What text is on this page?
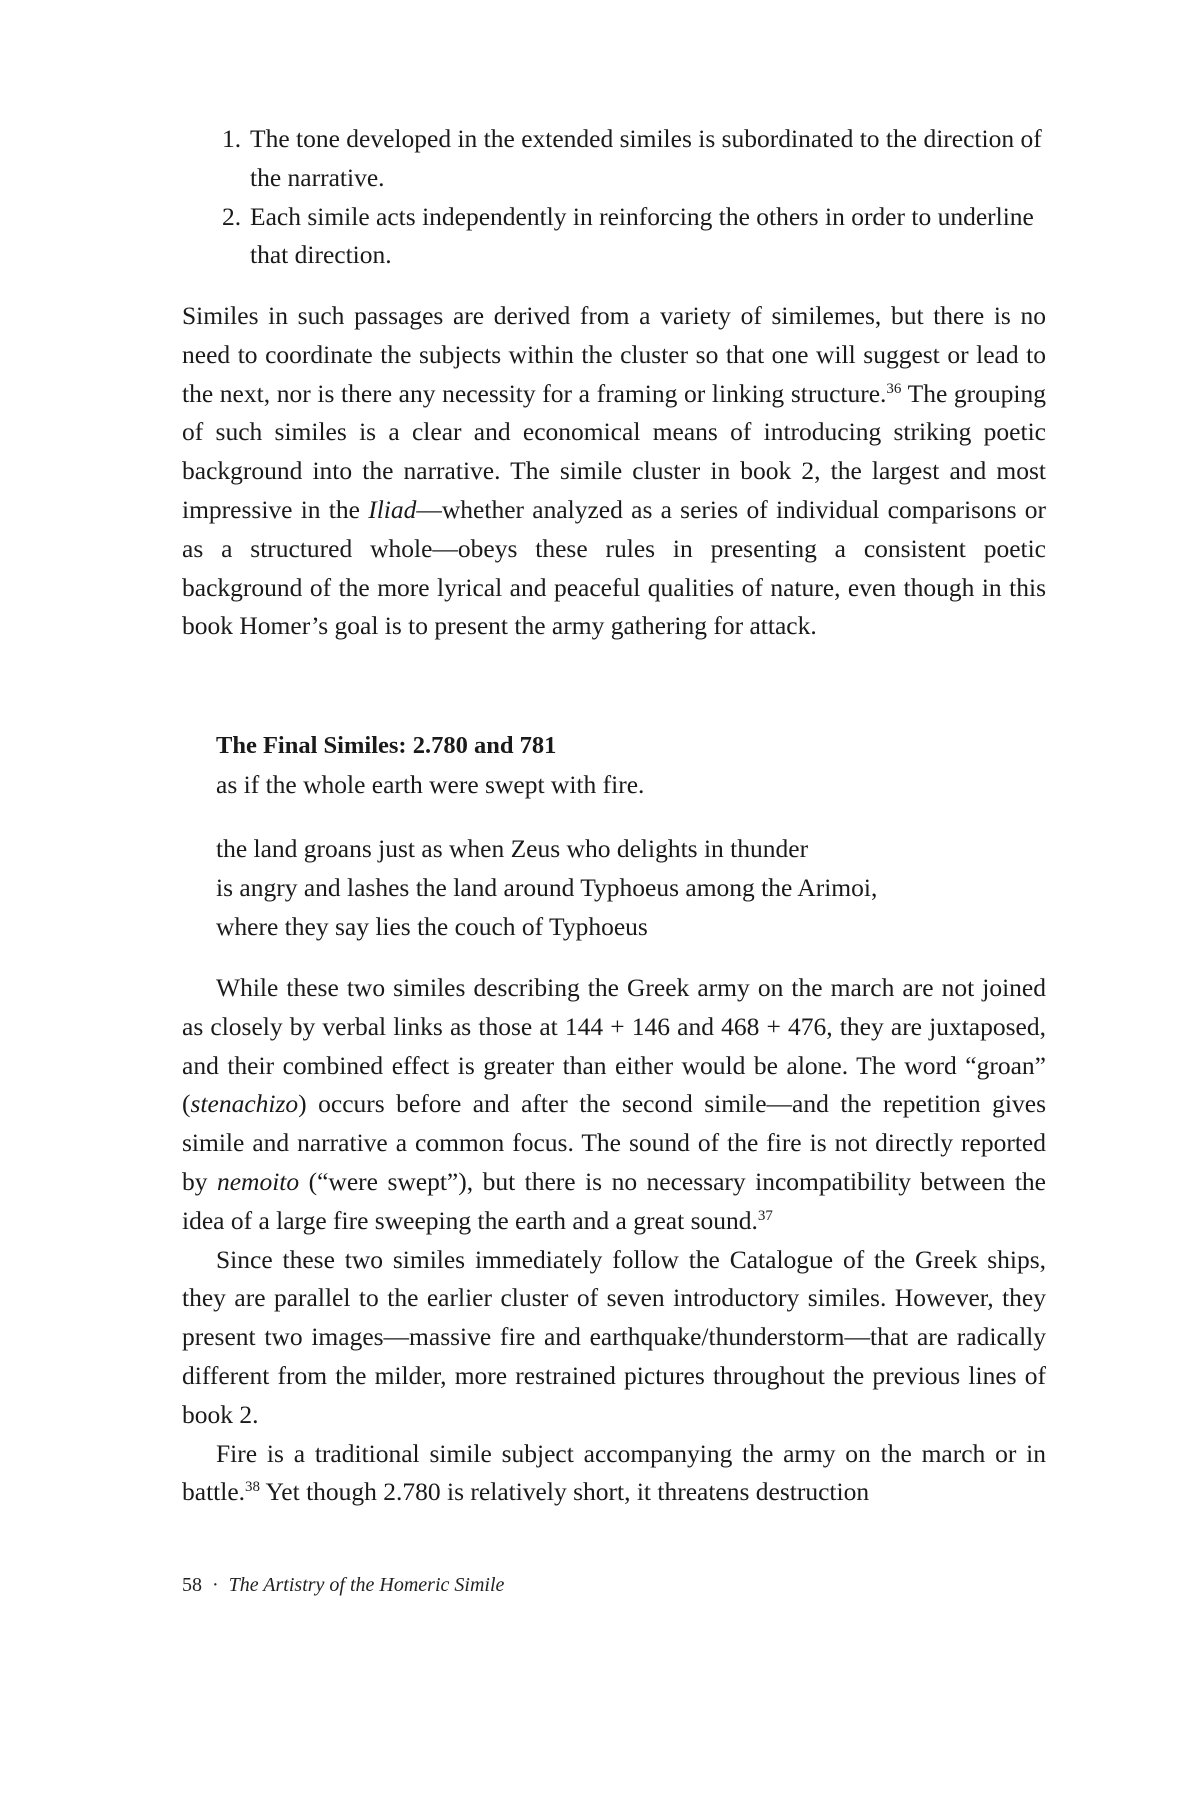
1. The tone developed in the extended similes is subordinated to the direction of the narrative.
2. Each simile acts independently in reinforcing the others in order to underline that direction.
Similes in such passages are derived from a variety of similemes, but there is no need to coordinate the subjects within the cluster so that one will suggest or lead to the next, nor is there any necessity for a framing or linking structure.$^{36}$ The grouping of such similes is a clear and economical means of introducing striking poetic background into the narrative. The simile cluster in book 2, the largest and most impressive in the Iliad—whether analyzed as a series of individual comparisons or as a structured whole—obeys these rules in presenting a consistent poetic background of the more lyrical and peaceful qualities of nature, even though in this book Homer’s goal is to present the army gathering for attack.
The Final Similes: 2.780 and 781
as if the whole earth were swept with fire.
the land groans just as when Zeus who delights in thunder
is angry and lashes the land around Typhoeus among the Arimoi,
where they say lies the couch of Typhoeus
While these two similes describing the Greek army on the march are not joined as closely by verbal links as those at 144 + 146 and 468 + 476, they are juxtaposed, and their combined effect is greater than either would be alone. The word “groan” (stenachizo) occurs before and after the second simile—and the repetition gives simile and narrative a common focus. The sound of the fire is not directly reported by nemoito (“were swept”), but there is no necessary incompatibility between the idea of a large fire sweeping the earth and a great sound.$^{37}$
Since these two similes immediately follow the Catalogue of the Greek ships, they are parallel to the earlier cluster of seven introductory similes. However, they present two images—massive fire and earthquake/thunderstorm—that are radically different from the milder, more restrained pictures throughout the previous lines of book 2.
Fire is a traditional simile subject accompanying the army on the march or in battle.$^{38}$ Yet though 2.780 is relatively short, it threatens destruction
58 · The Artistry of the Homeric Simile
